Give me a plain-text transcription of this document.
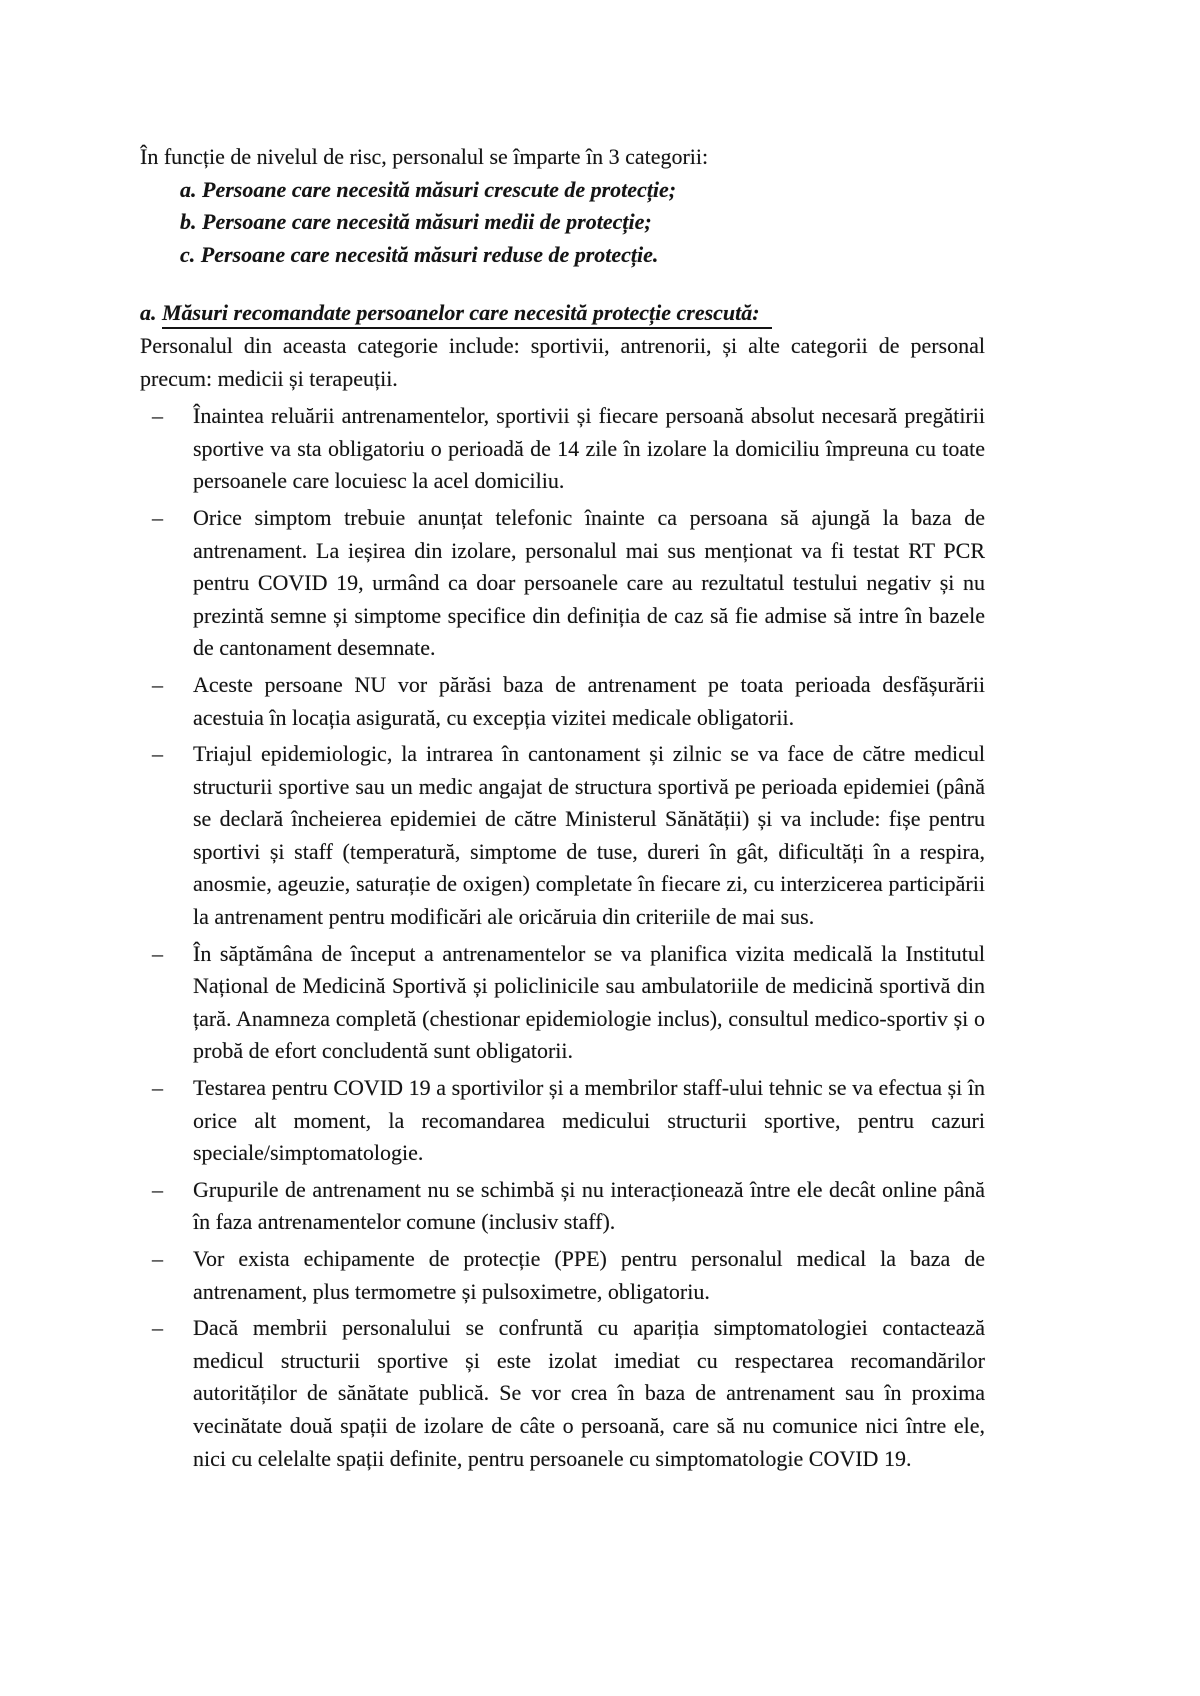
În funcție de nivelul de risc, personalul se împarte în 3 categorii:

a. Persoane care necesită măsuri crescute de protecție;
b. Persoane care necesită măsuri medii de protecție;
c. Persoane care necesită măsuri reduse de protecție.
a. Măsuri recomandate persoanelor care necesită protecție crescută:

Personalul din aceasta categorie include: sportivii, antrenorii, și alte categorii de personal precum: medicii și terapeuții.

– Înaintea reluării antrenamentelor, sportivii și fiecare persoană absolut necesară pregătirii sportive va sta obligatoriu o perioadă de 14 zile în izolare la domiciliu împreuna cu toate persoanele care locuiesc la acel domiciliu.

– Orice simptom trebuie anunțat telefonic înainte ca persoana să ajungă la baza de antrenament. La ieșirea din izolare, personalul mai sus menționat va fi testat RT PCR pentru COVID 19, urmând ca doar persoanele care au rezultatul testului negativ și nu prezintă semne și simptome specifice din definiția de caz să fie admise să intre în bazele de cantonament desemnate.

– Aceste persoane NU vor părăsi baza de antrenament pe toata perioada desfășurării acestuia în locația asigurată, cu excepția vizitei medicale obligatorii.

– Triajul epidemiologic, la intrarea în cantonament și zilnic se va face de către medicul structurii sportive sau un medic angajat de structura sportivă pe perioada epidemiei (până se declară încheierea epidemiei de către Ministerul Sănătății) și va include: fișe pentru sportivi și staff (temperatură, simptome de tuse, dureri în gât, dificultăți în a respira, anosmie, ageuzie, saturație de oxigen) completate în fiecare zi, cu interzicerea participării la antrenament pentru modificări ale oricăruia din criteriile de mai sus.

– În săptămâna de început a antrenamentelor se va planifica vizita medicală la Institutul Național de Medicină Sportivă și policlinicile sau ambulatoriile de medicină sportivă din țară. Anamneza completă (chestionar epidemiologie inclus), consultul medico-sportiv și o probă de efort concludentă sunt obligatorii.

– Testarea pentru COVID 19 a sportivilor și a membrilor staff-ului tehnic se va efectua și în orice alt moment, la recomandarea medicului structurii sportive, pentru cazuri speciale/simptomatologie.

– Grupurile de antrenament nu se schimbă și nu interacționează între ele decât online până în faza antrenamentelor comune (inclusiv staff).

– Vor exista echipamente de protecție (PPE) pentru personalul medical la baza de antrenament, plus termometre și pulsoximetre, obligatoriu.

– Dacă membrii personalului se confruntă cu apariția simptomatologiei contactează medicul structurii sportive și este izolat imediat cu respectarea recomandărilor autorităților de sănătate publică. Se vor crea în baza de antrenament sau în proxima vecinătate două spații de izolare de câte o persoană, care să nu comunice nici între ele, nici cu celelalte spații definite, pentru persoanele cu simptomatologie COVID 19.
